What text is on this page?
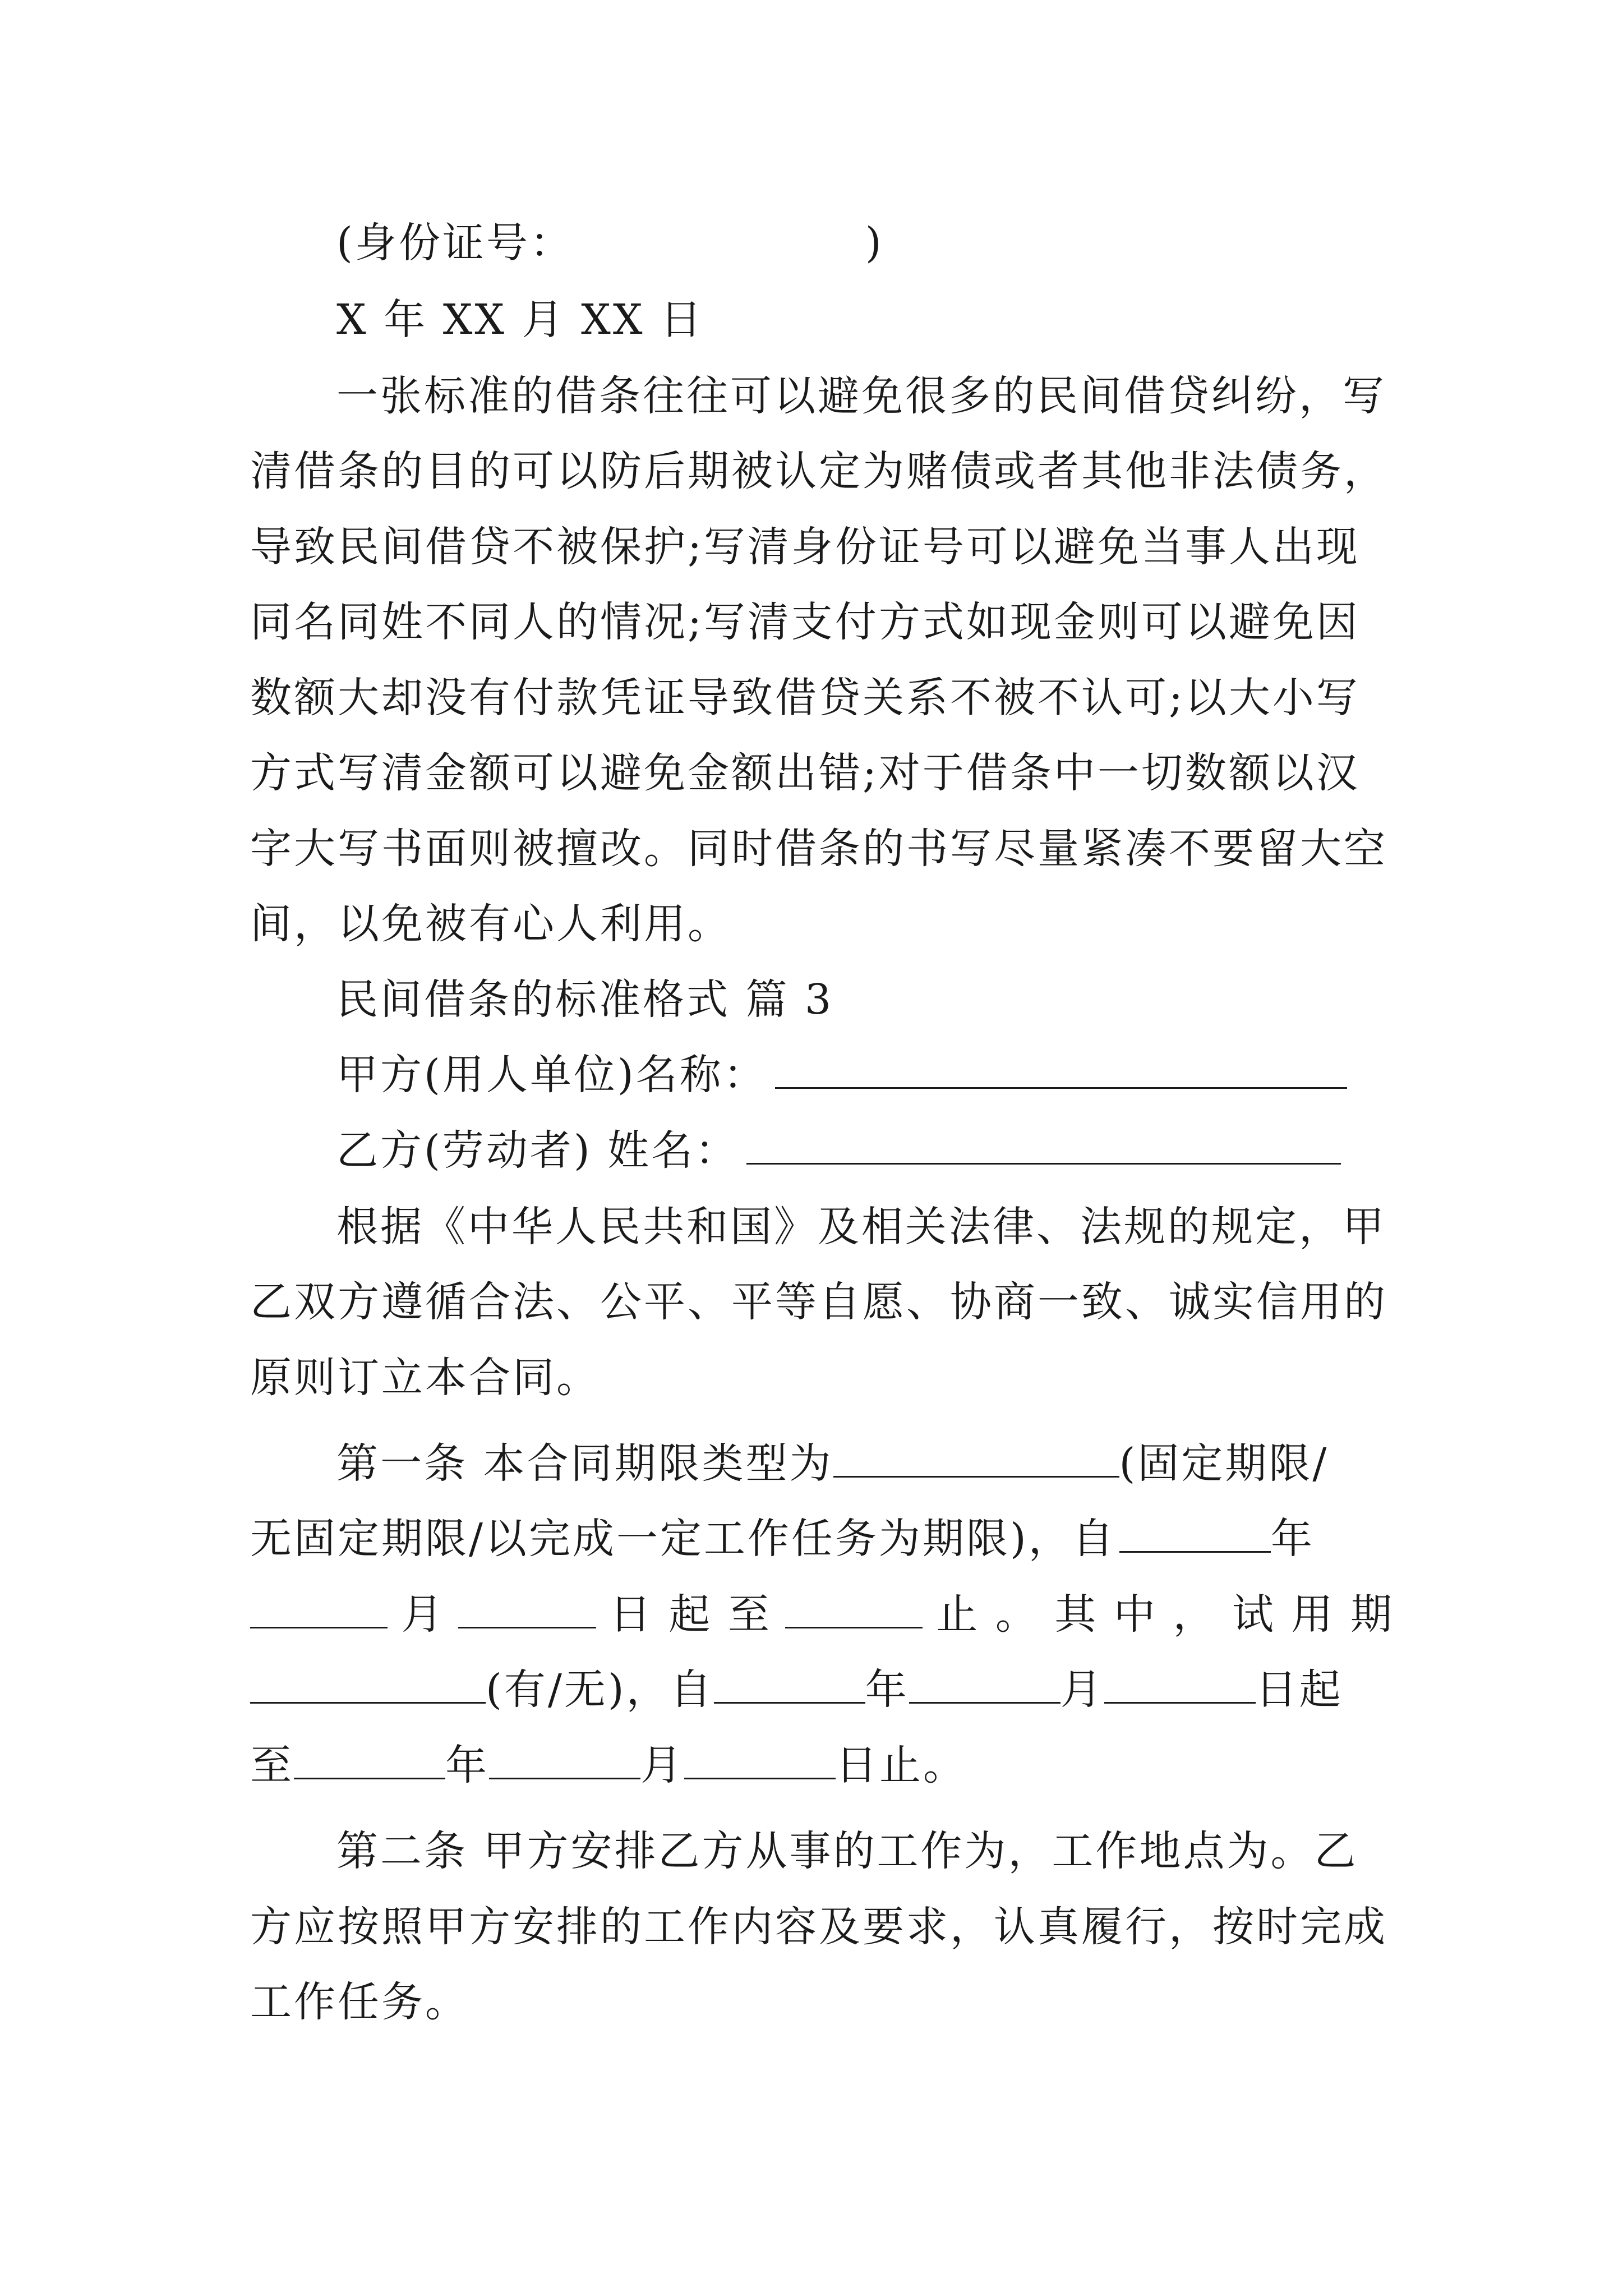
(身份证号：	)
X 年 XX 月 XX 日
一张标准的借条往往可以避免很多的民间借贷纠纷，写
清借条的目的可以防后期被认定为赌债或者其他非法债务，
导致民间借贷不被保护;写清身份证号可以避免当事人出现
同名同姓不同人的情况;写清支付方式如现金则可以避免因
数额大却没有付款凭证导致借贷关系不被不认可;以大小写
方式写清金额可以避免金额出错;对于借条中一切数额以汉
字大写书面则被擅改。同时借条的书写尽量紧凑不要留大空
间，以免被有心人利用。
民间借条的标准格式 篇 3
甲方(用人单位)名称：
乙方(劳动者) 姓名：
根据《中华人民共和国》及相关法律、法规的规定，甲
乙双方遵循合法、公平、平等自愿、协商一致、诚实信用的
原则订立本合同。
第一条 本合同期限类型为	(固定期限/
无固定期限/以完成一定工作任务为期限)，自	年
月	日 起 至	止 。 其 中 ， 试 用 期
(有/无)，自	年	月	日起
至	年	月	日止。
第二条 甲方安排乙方从事的工作为，工作地点为。乙
方应按照甲方安排的工作内容及要求，认真履行，按时完成
工作任务。
